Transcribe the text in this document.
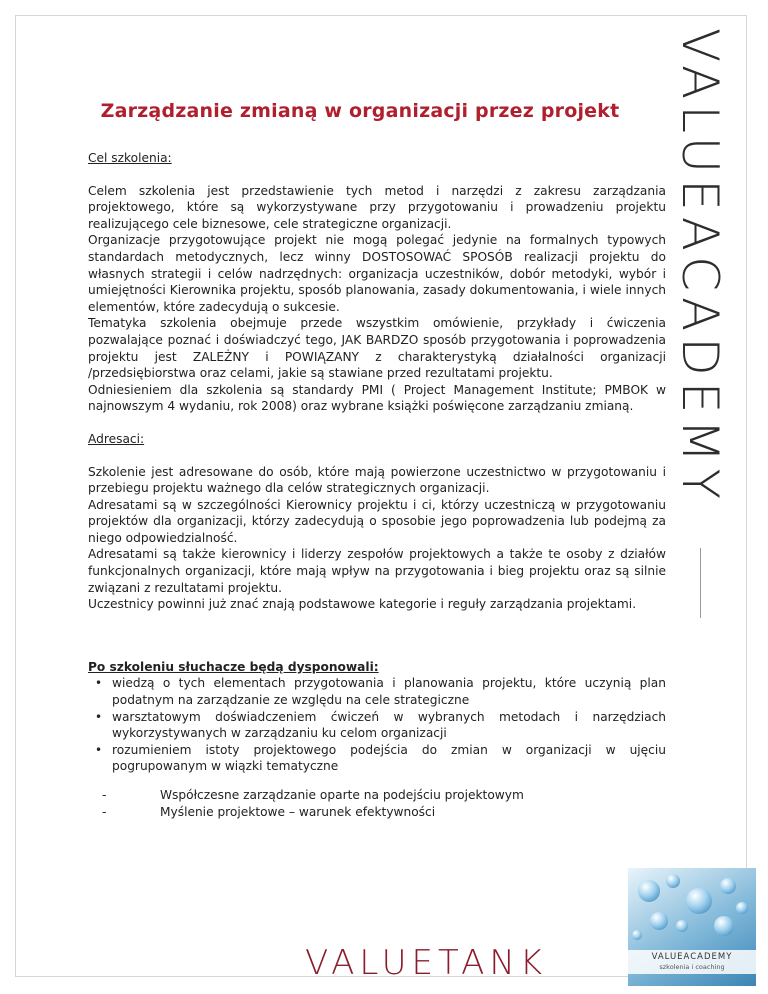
VALUEACADEMY
Zarządzanie zmianą w organizacji przez projekt
Cel szkolenia:

Celem szkolenia jest przedstawienie tych metod i narzędzi z zakresu zarządzania projektowego, które są wykorzystywane przy przygotowaniu i prowadzeniu projektu realizującego cele biznesowe, cele strategiczne organizacji.

Organizacje przygotowujące projekt nie mogą polegać jedynie na formalnych typowych standardach metodycznych, lecz winny DOSTOSOWAĆ SPOSÓB realizacji projektu do własnych strategii i celów nadrzędnych: organizacja uczestników, dobór metodyki, wybór i umiejętności Kierownika projektu, sposób planowania, zasady dokumentowania, i wiele innych elementów, które zadecydują o sukcesie.

Tematyka szkolenia obejmuje przede wszystkim omówienie, przykłady i ćwiczenia pozwalające poznać i doświadczyć tego, JAK BARDZO sposób przygotowania i poprowadzenia projektu jest ZALEŻNY i POWIĄZANY z charakterystyką działalności organizacji /przedsiębiorstwa oraz celami, jakie są stawiane przed rezultatami projektu.

Odniesieniem dla szkolenia są standardy PMI ( Project Management Institute; PMBOK w najnowszym 4 wydaniu, rok 2008) oraz wybrane książki poświęcone zarządzaniu zmianą.

Adresaci:

Szkolenie jest adresowane do osób, które mają powierzone uczestnictwo w przygotowaniu i przebiegu projektu ważnego dla celów strategicznych organizacji.

Adresatami są w szczególności Kierownicy projektu i ci, którzy uczestniczą w przygotowaniu projektów dla organizacji, którzy zadecydują o sposobie jego poprowadzenia lub podejmą za niego odpowiedzialność.

Adresatami są także kierownicy i liderzy zespołów projektowych a także te osoby z działów funkcjonalnych organizacji, które mają wpływ na przygotowania i bieg projektu oraz są silnie związani z rezultatami projektu.

Uczestnicy powinni już znać znają podstawowe kategorie i reguły zarządzania projektami.

Po szkoleniu słuchacze będą dysponowali:
• wiedzą o tych elementach przygotowania i planowania projektu, które uczynią plan podatnym na zarządzanie ze względu na cele strategiczne
• warsztatowym doświadczeniem ćwiczeń w wybranych metodach i narzędziach wykorzystywanych w zarządzaniu ku celom organizacji
• rozumieniem istoty projektowego podejścia do zmian w organizacji w ujęciu pogrupowanym w wiązki tematyczne
- Współczesne zarządzanie oparte na podejściu projektowym
- Myślenie projektowe – warunek efektywności
VALUETANK	VALUEACADEMY
szkolenia i coaching
